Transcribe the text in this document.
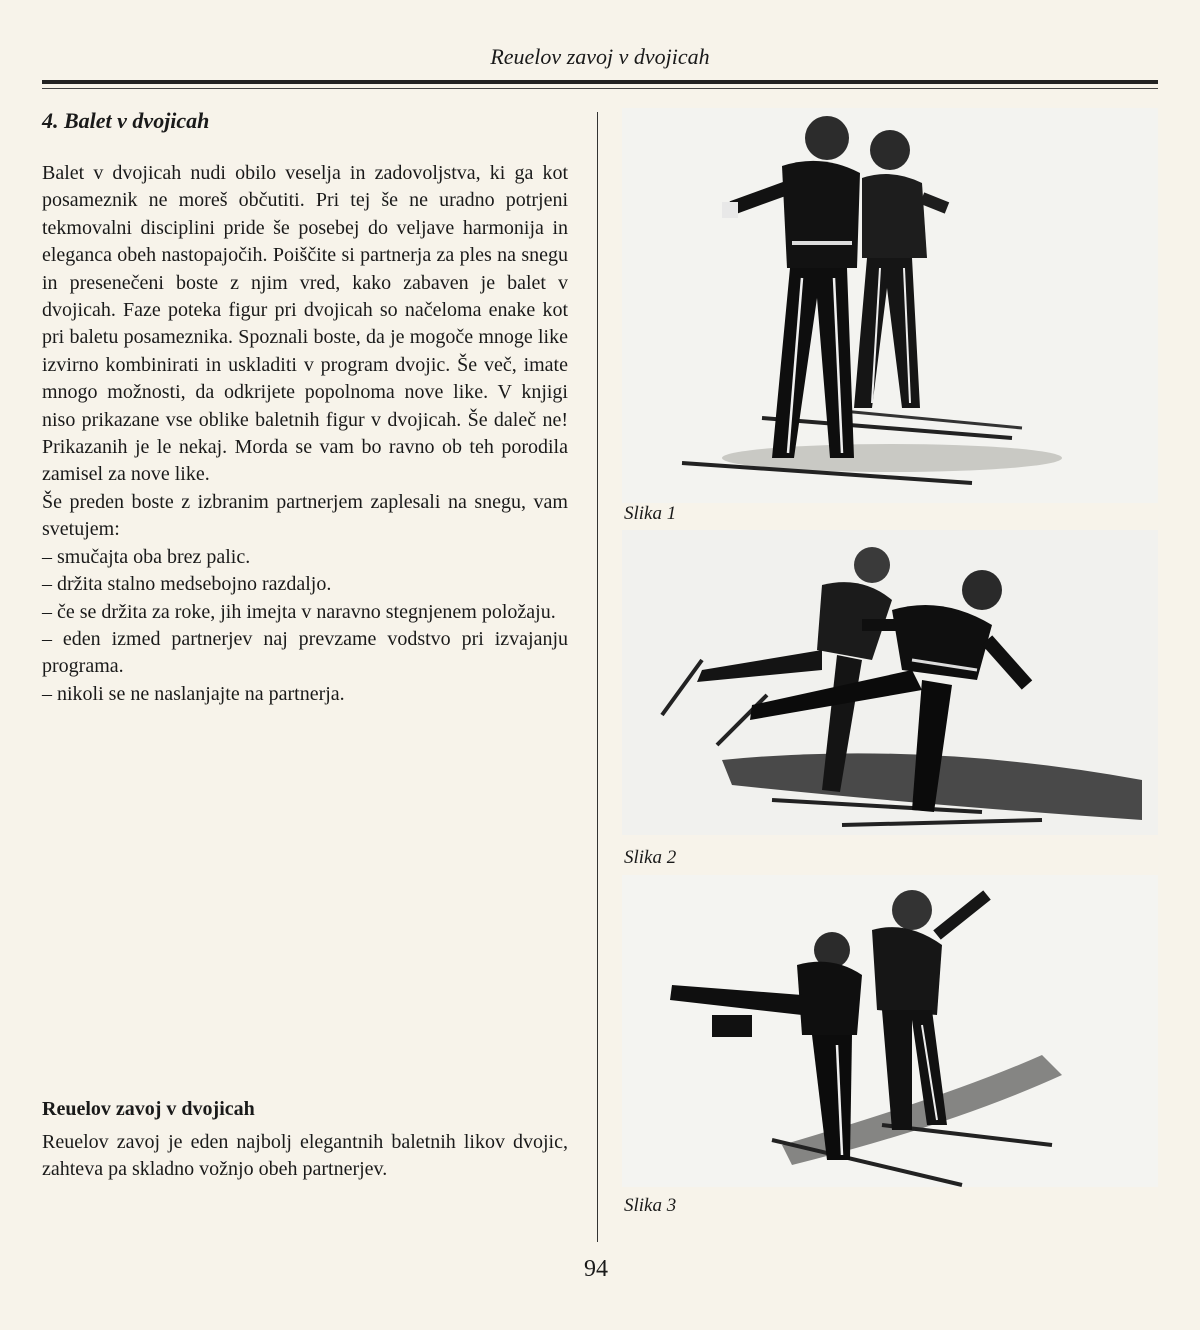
Reuelov zavoj v dvojicah
4. Balet v dvojicah

Balet v dvojicah nudi obilo veselja in zadovoljstva, ki ga kot posameznik ne moreš občutiti. Pri tej še ne uradno potrjeni tekmovalni disciplini pride še posebej do veljave harmonija in eleganca obeh nastopajočih. Poiščite si partnerja za ples na snegu in presenečeni boste z njim vred, kako zabaven je balet v dvojicah. Faze poteka figur pri dvojicah so načeloma enake kot pri baletu posameznika. Spoznali boste, da je mogoče mnoge like izvirno kombinirati in uskladiti v program dvojic. Še več, imate mnogo možnosti, da odkrijete popolnoma nove like. V knjigi niso prikazane vse oblike baletnih figur v dvojicah. Še daleč ne! Prikazanih je le nekaj. Morda se vam bo ravno ob teh porodila zamisel za nove like.

Še preden boste z izbranim partnerjem zaplesali na snegu, vam svetujem:

– smučajta oba brez palic.
– držita stalno medsebojno razdaljo.
– če se držita za roke, jih imejta v naravno stegnjenem položaju.
– eden izmed partnerjev naj prevzame vodstvo pri izvajanju programa.
– nikoli se ne naslanjajte na partnerja.
Reuelov zavoj v dvojicah

Reuelov zavoj je eden najbolj elegantnih baletnih likov dvojic, zahteva pa skladno vožnjo obeh partnerjev.

Slika 1
Slika 2
Slika 3
94
